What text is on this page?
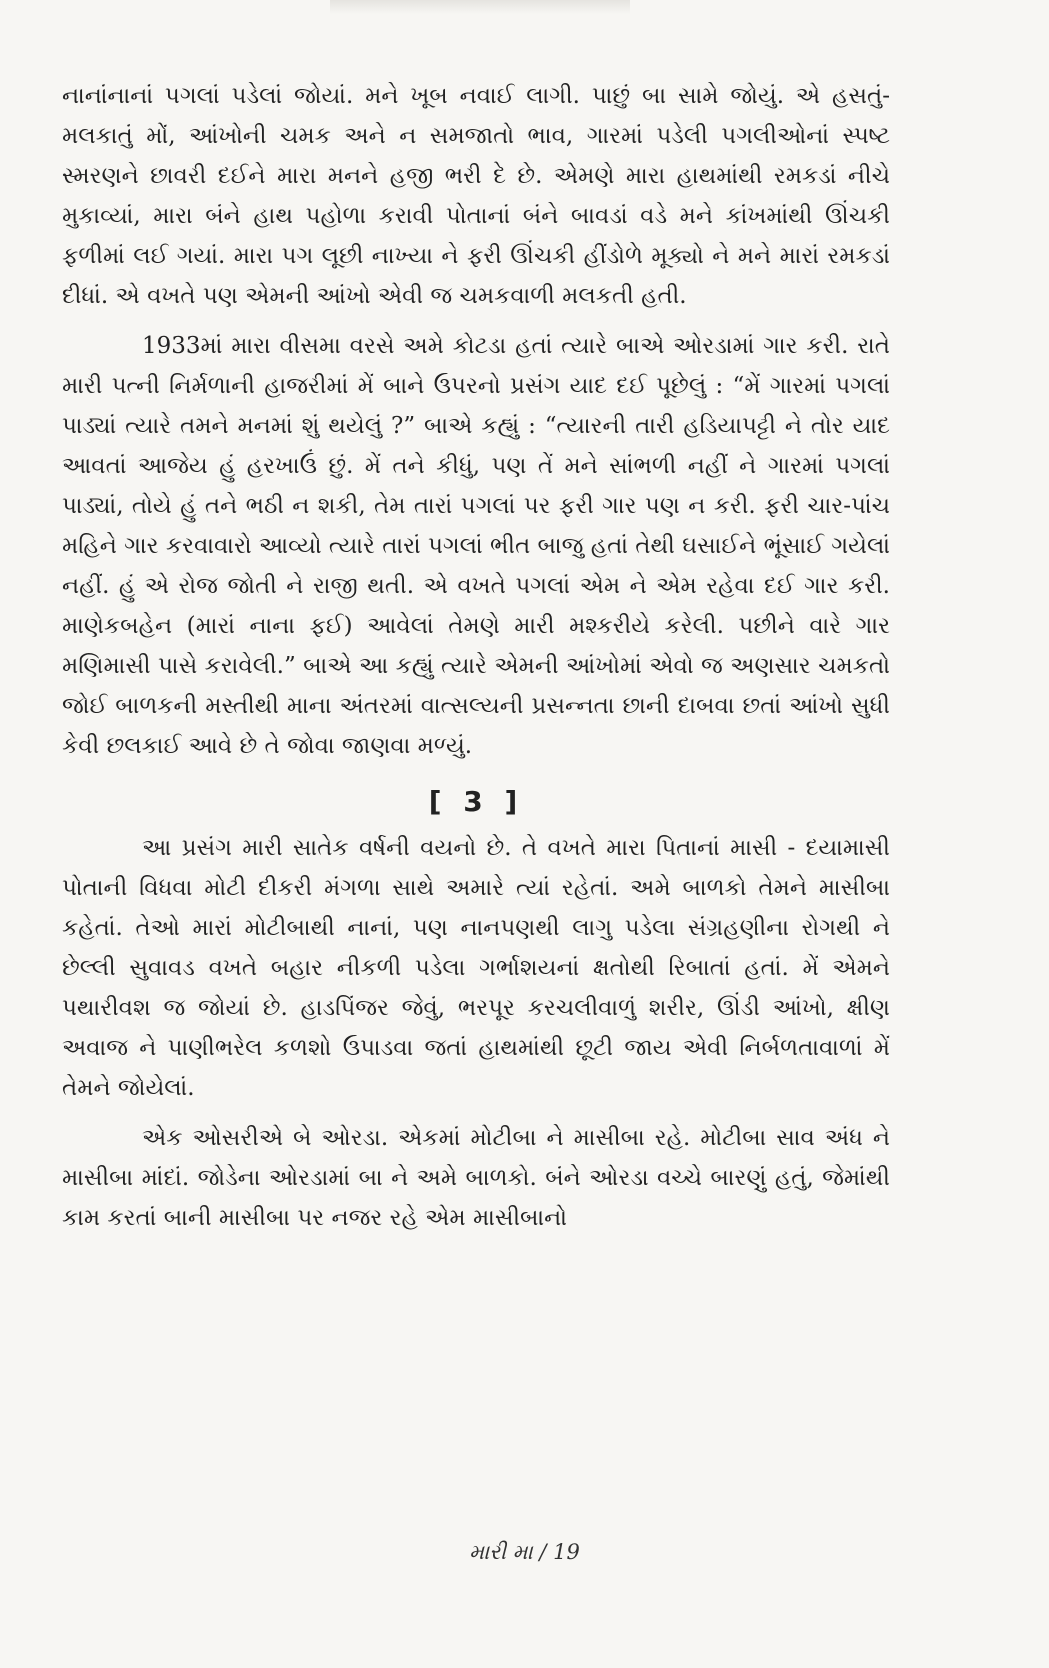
નાનાંનાનાં પગલાં પડેલાં જોયાં. મને ખૂબ નવાઈ લાગી. પાછું બા સામે જોયું. એ હસતું-મલકાતું મોં, આંખોની ચમક અને ન સમજાતો ભાવ, ગારમાં પડેલી પગલીઓનાં સ્પષ્ટ સ્મરણને છાવરી દઈને મારા મનને હજી ભરી દે છે. એમણે મારા હાથમાંથી રમકડાં નીચે મુકાવ્યાં, મારા બંને હાથ પહોળા કરાવી પોતાનાં બંને બાવડાં વડે મને કાંખમાંથી ઊંચકી ફળીમાં લઈ ગયાં. મારા પગ લૂછી નાખ્યા ને ફરી ઊંચકી હીંડોળે મૂક્યો ને મને મારાં રમકડાં દીધાં. એ વખતે પણ એમની આંખો એવી જ ચમકવાળી મલકતી હતી.

1933માં મારા વીસમા વરસે અમે કોટડા હતાં ત્યારે બાએ ઓરડામાં ગાર કરી. રાતે મારી પત્ની નિર્મળાની હાજરીમાં મેં બાને ઉપરનો પ્રસંગ યાદ દઈ પૂછેલું : “મેં ગારમાં પગલાં પાડ્યાં ત્યારે તમને મનમાં શું થયેલું ?” બાએ કહ્યું : “ત્યારની તારી હડિયાપટ્ટી ને તોર યાદ આવતાં આજેય હું હરખાઉં છું. મેં તને કીધું, પણ તેં મને સાંભળી નહીં ને ગારમાં પગલાં પાડ્યાં, તોયે હું તને ભઠી ન શકી, તેમ તારાં પગલાં પર ફરી ગાર પણ ન કરી. ફરી ચાર-પાંચ મહિને ગાર કરવાવારો આવ્યો ત્યારે તારાં પગલાં ભીત બાજુ હતાં તેથી ઘસાઈને ભૂંસાઈ ગયેલાં નહીં. હું એ રોજ જોતી ને રાજી થતી. એ વખતે પગલાં એમ ને એમ રહેવા દઈ ગાર કરી. માણેકબહેન (મારાં નાના ફઈ) આવેલાં તેમણે મારી મશ્કરીયે કરેલી. પછીને વારે ગાર મણિમાસી પાસે કરાવેલી.” બાએ આ કહ્યું ત્યારે એમની આંખોમાં એવો જ અણસાર ચમકતો જોઈ બાળકની મસ્તીથી માના અંતરમાં વાત્સલ્યની પ્રસન્નતા છાની દાબવા છતાં આંખો સુધી કેવી છલકાઈ આવે છે તે જોવા જાણવા મળ્યું.

[ 3 ]

આ પ્રસંગ મારી સાતેક વર્ષની વયનો છે. તે વખતે મારા પિતાનાં માસી - દયામાસી પોતાની વિધવા મોટી દીકરી મંગળા સાથે અમારે ત્યાં રહેતાં. અમે બાળકો તેમને માસીબા કહેતાં. તેઓ મારાં મોટીબાથી નાનાં, પણ નાનપણથી લાગુ પડેલા સંગ્રહણીના રોગથી ને છેલ્લી સુવાવડ વખતે બહાર નીકળી પડેલા ગર્ભાશયનાં ક્ષતોથી રિબાતાં હતાં. મેં એમને પથારીવશ જ જોયાં છે. હાડપિંજર જેવું, ભરપૂર કરચલીવાળું શરીર, ઊંડી આંખો, ક્ષીણ અવાજ ને પાણીભરેલ કળશો ઉપાડવા જતાં હાથમાંથી છૂટી જાય એવી નિર્બળતાવાળાં મેં તેમને જોયેલાં.

એક ઓસરીએ બે ઓરડા. એકમાં મોટીબા ને માસીબા રહે. મોટીબા સાવ અંધ ને માસીબા માંદાં. જોડેના ઓરડામાં બા ને અમે બાળકો. બંને ઓરડા વચ્ચે બારણું હતું, જેમાંથી કામ કરતાં બાની માસીબા પર નજર રહે એમ માસીબાનો

મારી મા / 19
